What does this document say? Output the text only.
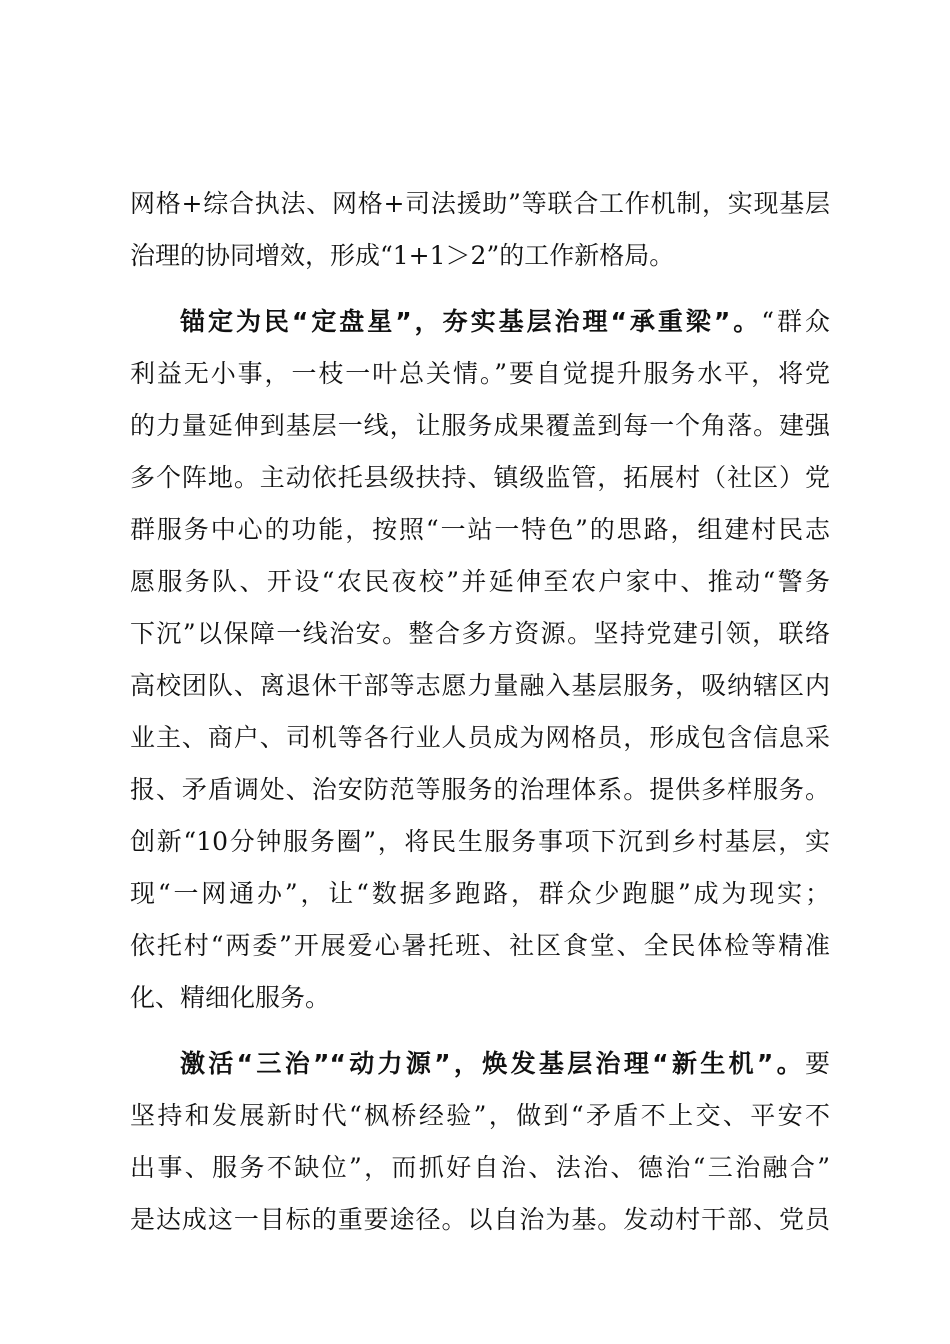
网格+综合执法、网格+司法援助”等联合工作机制，实现基层
治理的协同增效，形成“1+1＞2”的工作新格局。
锚定为民“定盘星”，夯实基层治理“承重梁”。“群众
利益无小事，一枝一叶总关情。”要自觉提升服务水平，将党
的力量延伸到基层一线，让服务成果覆盖到每一个角落。建强
多个阵地。主动依托县级扶持、镇级监管，拓展村（社区）党
群服务中心的功能，按照“一站一特色”的思路，组建村民志
愿服务队、开设“农民夜校”并延伸至农户家中、推动“警务
下沉”以保障一线治安。整合多方资源。坚持党建引领，联络
高校团队、离退休干部等志愿力量融入基层服务，吸纳辖区内
业主、商户、司机等各行业人员成为网格员，形成包含信息采
报、矛盾调处、治安防范等服务的治理体系。提供多样服务。
创新“10分钟服务圈”，将民生服务事项下沉到乡村基层，实
现“一网通办”，让“数据多跑路，群众少跑腿”成为现实；
依托村“两委”开展爱心暑托班、社区食堂、全民体检等精准
化、精细化服务。
激活“三治”“动力源”，焕发基层治理“新生机”。要
坚持和发展新时代“枫桥经验”，做到“矛盾不上交、平安不
出事、服务不缺位”，而抓好自治、法治、德治“三治融合”
是达成这一目标的重要途径。以自治为基。发动村干部、党员
